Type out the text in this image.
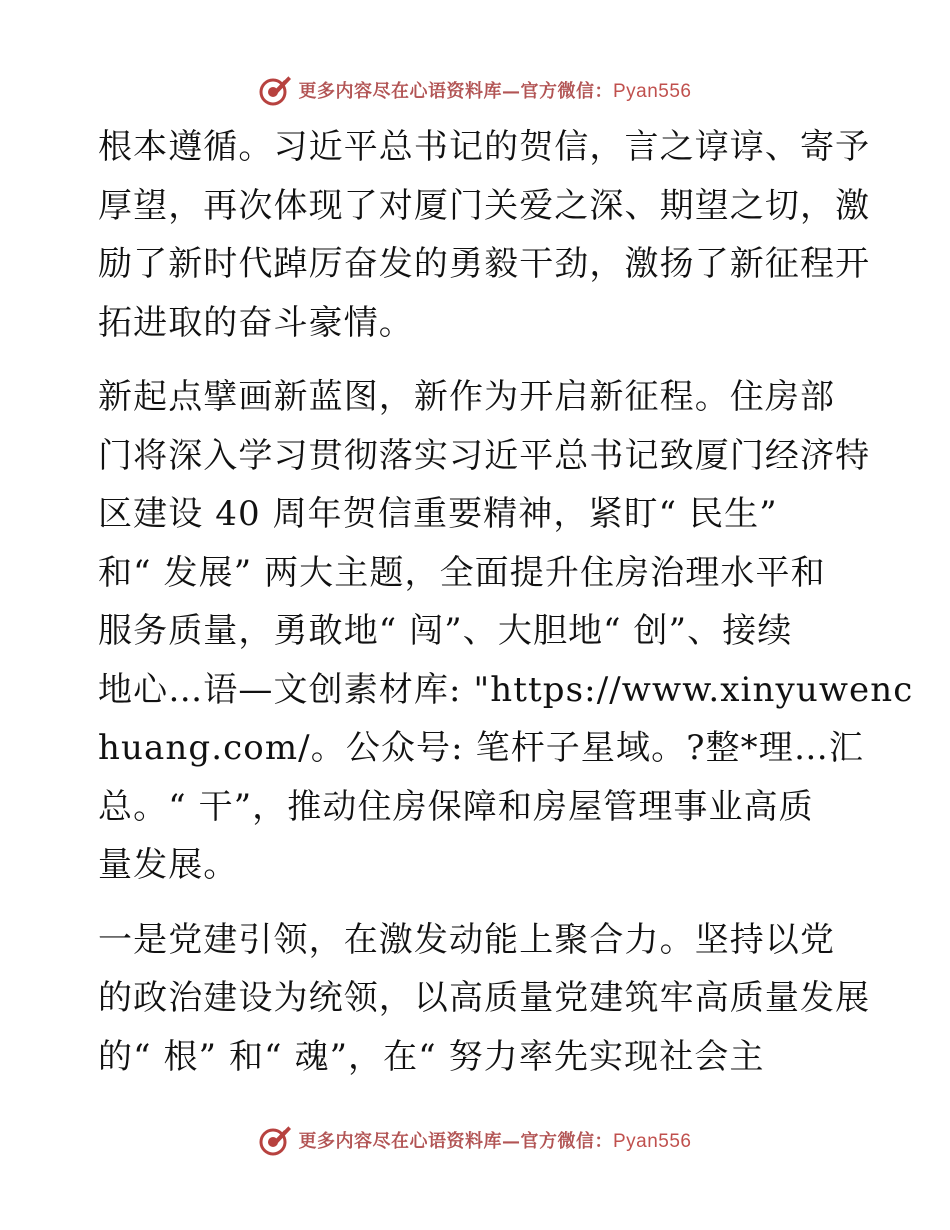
更多内容尽在心语资料库—官方微信：Pyan556

根本遵循。习近平总书记的贺信，言之谆谆、寄予
厚望，再次体现了对厦门关爱之深、期望之切，激
励了新时代踔厉奋发的勇毅干劲，激扬了新征程开
拓进取的奋斗豪情。

新起点擘画新蓝图，新作为开启新征程。住房部
门将深入学习贯彻落实习近平总书记致厦门经济特
区建设 40 周年贺信重要精神，紧盯“ 民生”
和“ 发展” 两大主题，全面提升住房治理水平和
服务质量，勇敢地“ 闯”、大胆地“ 创”、接续
地心…语—文创素材库: "https://www.xinyuwenc
huang.com/。公众号: 笔杆子星域。?整*理…汇
总。“ 干”，推动住房保障和房屋管理事业高质
量发展。

一是党建引领，在激发动能上聚合力。坚持以党
的政治建设为统领，以高质量党建筑牢高质量发展
的“ 根” 和“ 魂”，在“ 努力率先实现社会主

更多内容尽在心语资料库—官方微信：Pyan556
